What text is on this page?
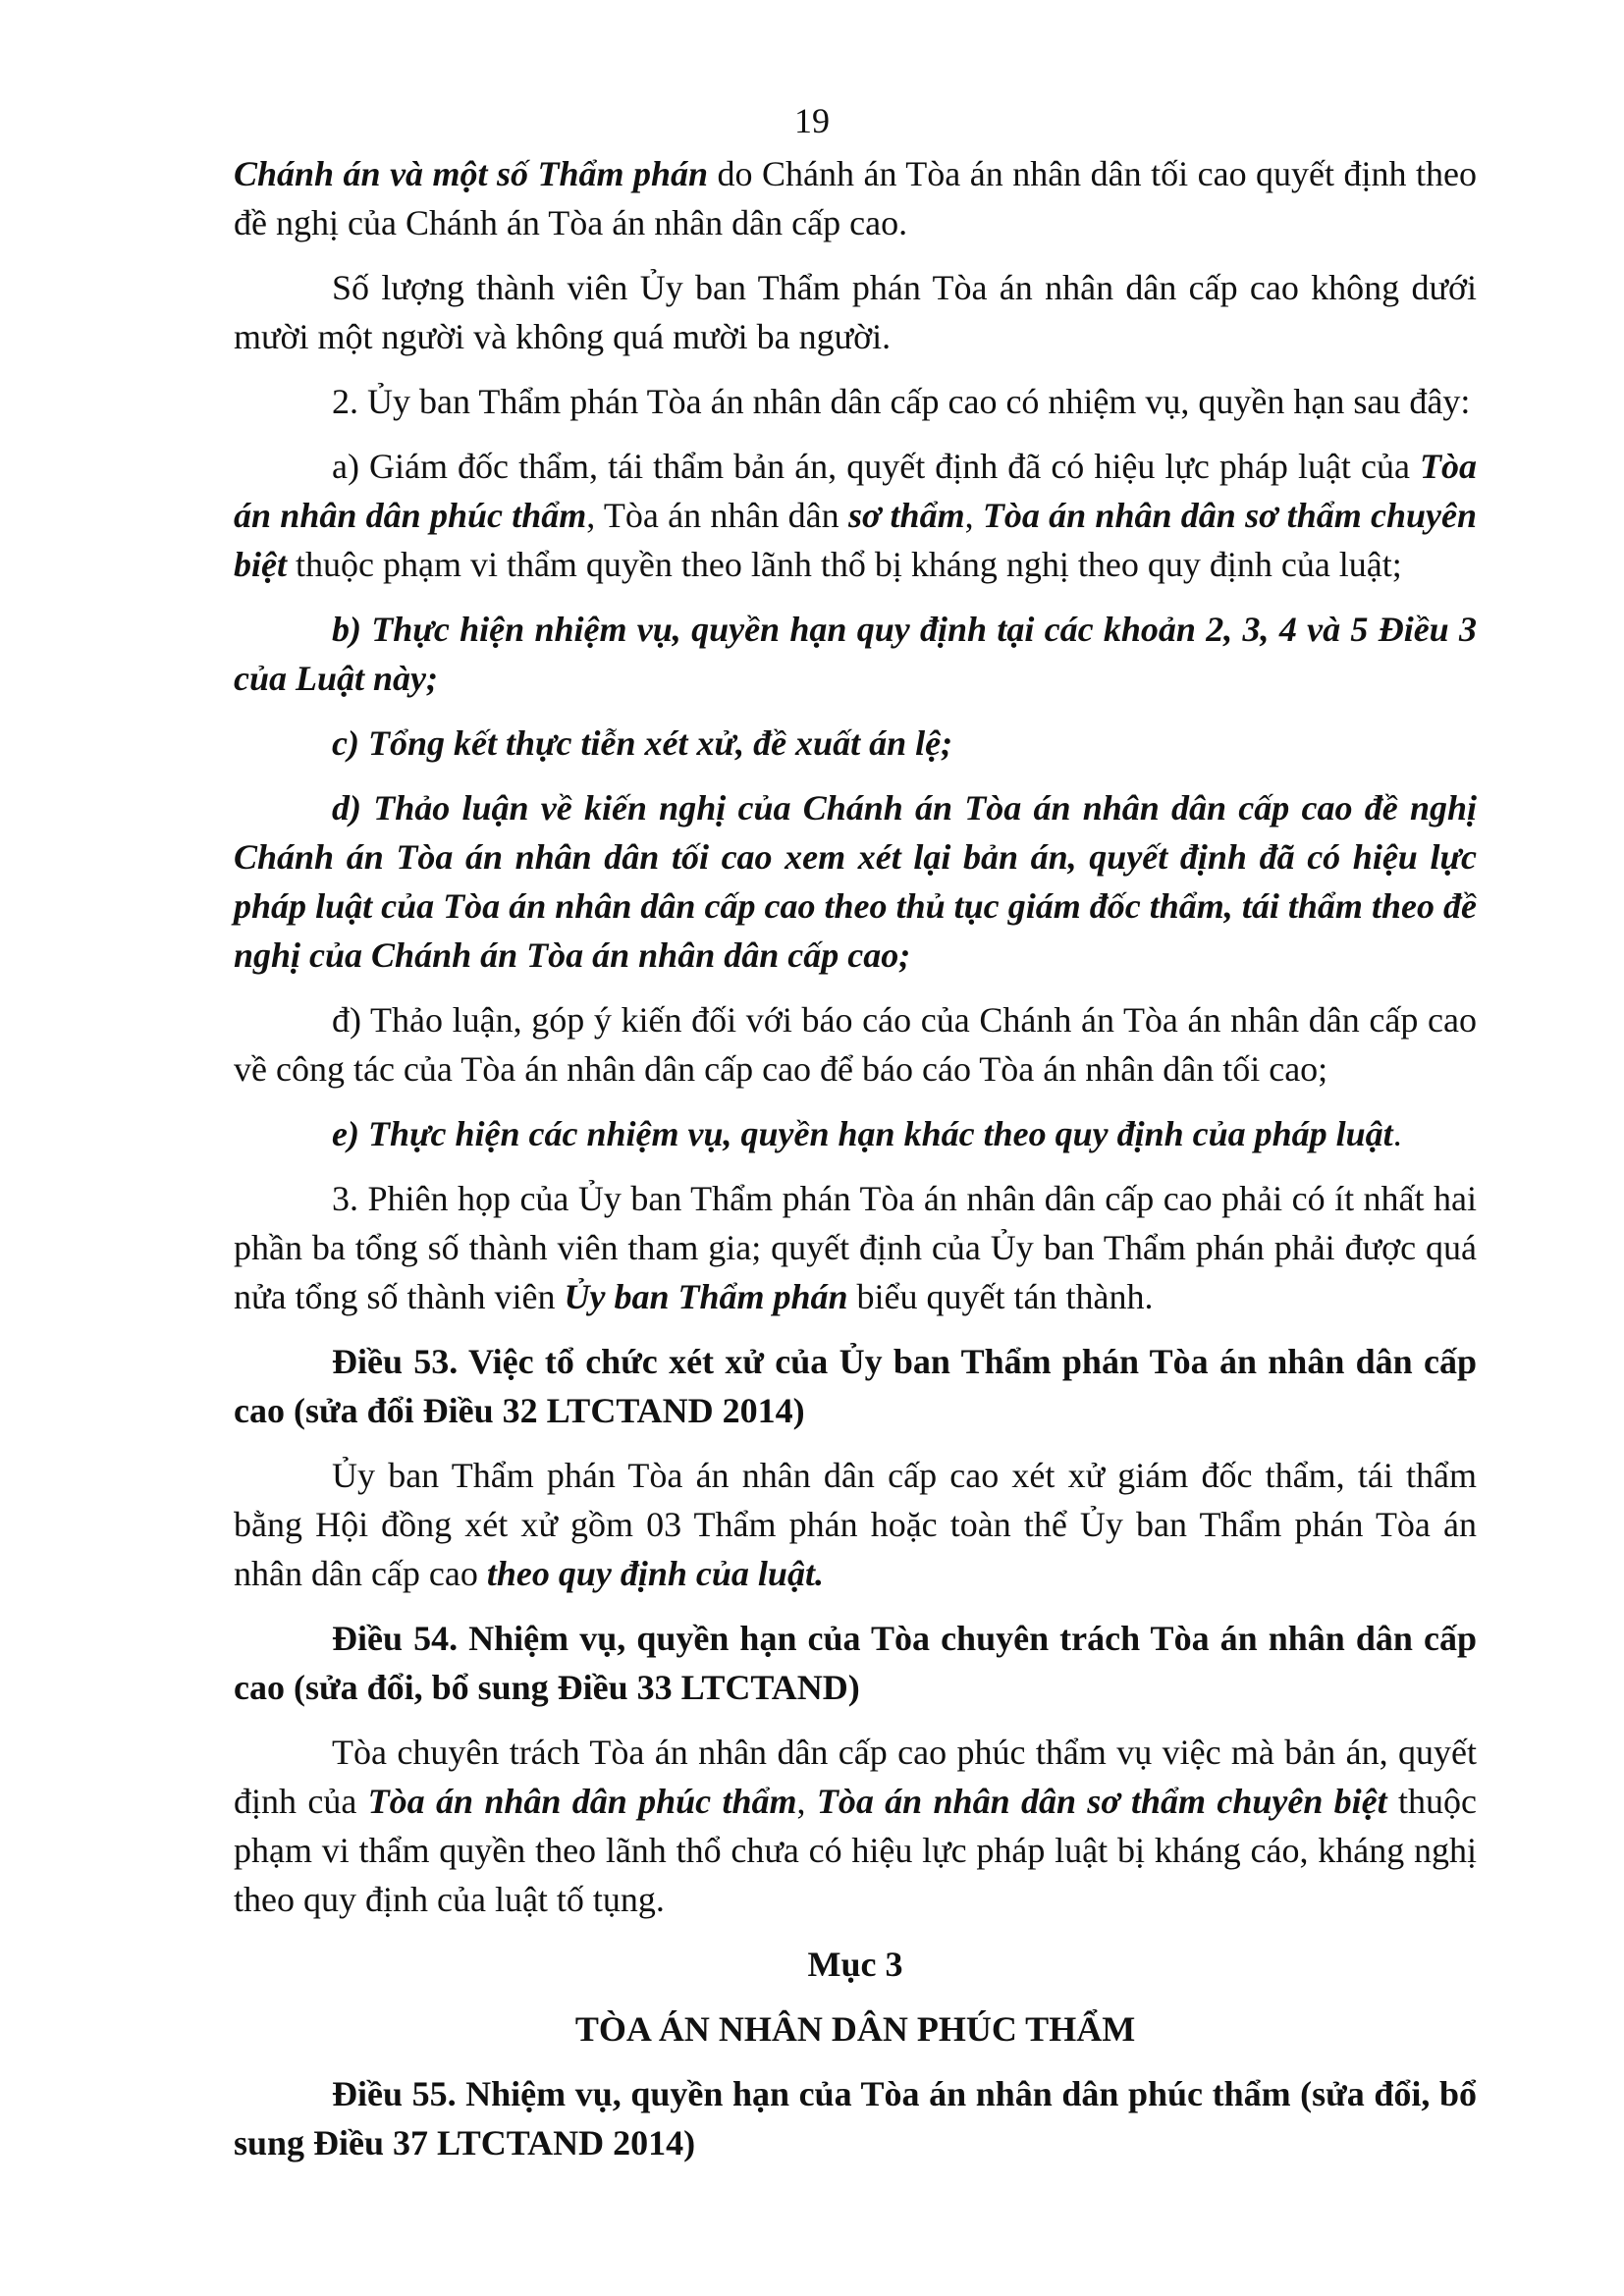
19

Chánh án và một số Thẩm phán do Chánh án Tòa án nhân dân tối cao quyết định theo đề nghị của Chánh án Tòa án nhân dân cấp cao.

Số lượng thành viên Ủy ban Thẩm phán Tòa án nhân dân cấp cao không dưới mười một người và không quá mười ba người.

2. Ủy ban Thẩm phán Tòa án nhân dân cấp cao có nhiệm vụ, quyền hạn sau đây:

a) Giám đốc thẩm, tái thẩm bản án, quyết định đã có hiệu lực pháp luật của Tòa án nhân dân phúc thẩm, Tòa án nhân dân sơ thẩm, Tòa án nhân dân sơ thẩm chuyên biệt thuộc phạm vi thẩm quyền theo lãnh thổ bị kháng nghị theo quy định của luật;

b) Thực hiện nhiệm vụ, quyền hạn quy định tại các khoản 2, 3, 4 và 5 Điều 3 của Luật này;

c) Tổng kết thực tiễn xét xử, đề xuất án lệ;

d) Thảo luận về kiến nghị của Chánh án Tòa án nhân dân cấp cao đề nghị Chánh án Tòa án nhân dân tối cao xem xét lại bản án, quyết định đã có hiệu lực pháp luật của Tòa án nhân dân cấp cao theo thủ tục giám đốc thẩm, tái thẩm theo đề nghị của Chánh án Tòa án nhân dân cấp cao;

đ) Thảo luận, góp ý kiến đối với báo cáo của Chánh án Tòa án nhân dân cấp cao về công tác của Tòa án nhân dân cấp cao để báo cáo Tòa án nhân dân tối cao;

e) Thực hiện các nhiệm vụ, quyền hạn khác theo quy định của pháp luật.

3. Phiên họp của Ủy ban Thẩm phán Tòa án nhân dân cấp cao phải có ít nhất hai phần ba tổng số thành viên tham gia; quyết định của Ủy ban Thẩm phán phải được quá nửa tổng số thành viên Ủy ban Thẩm phán biểu quyết tán thành.

Điều 53. Việc tổ chức xét xử của Ủy ban Thẩm phán Tòa án nhân dân cấp cao (sửa đổi Điều 32 LTCTAND 2014)

Ủy ban Thẩm phán Tòa án nhân dân cấp cao xét xử giám đốc thẩm, tái thẩm bằng Hội đồng xét xử gồm 03 Thẩm phán hoặc toàn thể Ủy ban Thẩm phán Tòa án nhân dân cấp cao theo quy định của luật.

Điều 54. Nhiệm vụ, quyền hạn của Tòa chuyên trách Tòa án nhân dân cấp cao (sửa đổi, bổ sung Điều 33 LTCTAND)

Tòa chuyên trách Tòa án nhân dân cấp cao phúc thẩm vụ việc mà bản án, quyết định của Tòa án nhân dân phúc thẩm, Tòa án nhân dân sơ thẩm chuyên biệt thuộc phạm vi thẩm quyền theo lãnh thổ chưa có hiệu lực pháp luật bị kháng cáo, kháng nghị theo quy định của luật tố tụng.

Mục 3

TÒA ÁN NHÂN DÂN PHÚC THẨM

Điều 55. Nhiệm vụ, quyền hạn của Tòa án nhân dân phúc thẩm (sửa đổi, bổ sung Điều 37 LTCTAND 2014)
